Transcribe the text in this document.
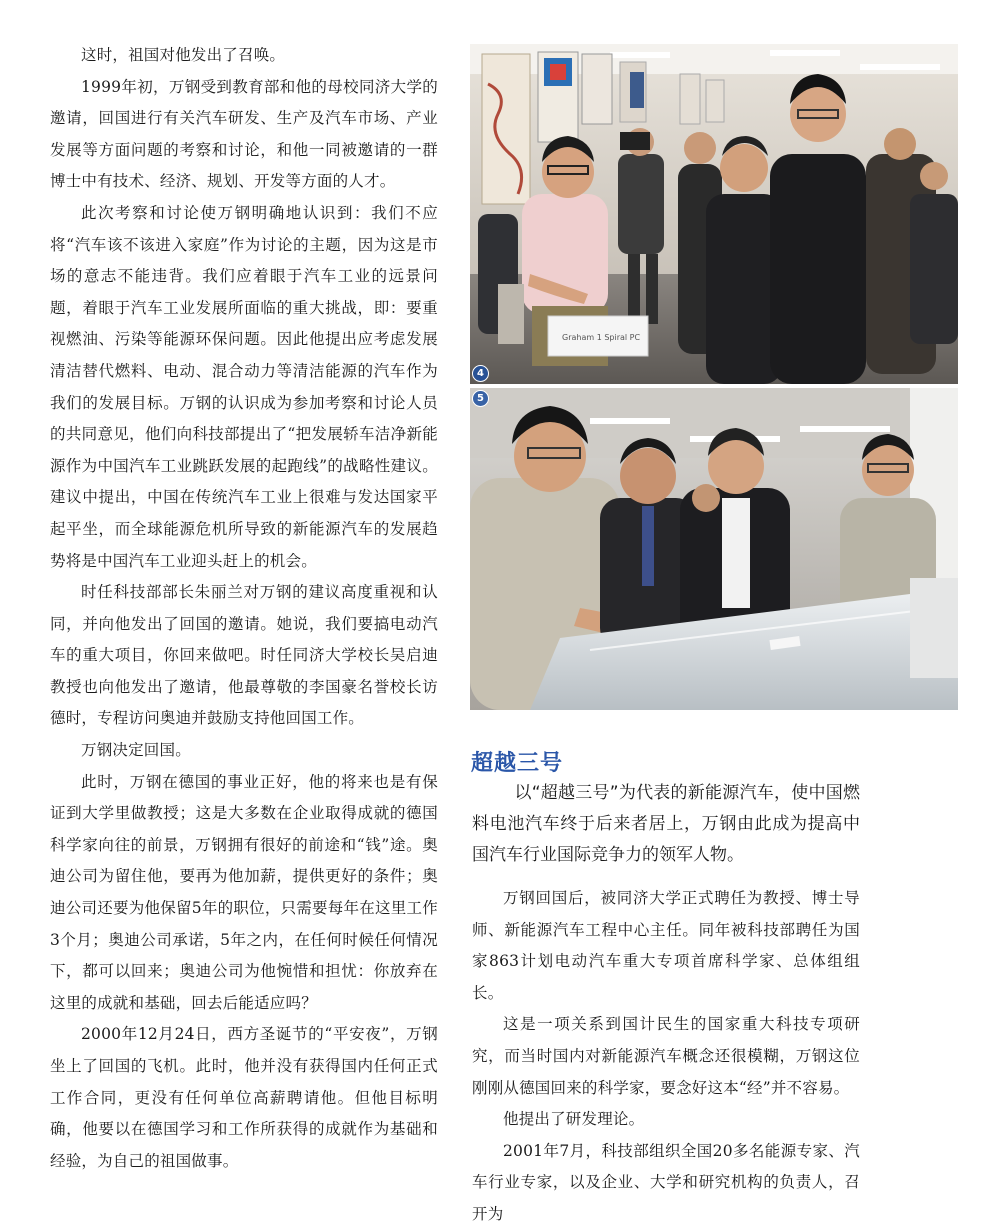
这时，祖国对他发出了召唤。

1999年初，万钢受到教育部和他的母校同济大学的邀请，回国进行有关汽车研发、生产及汽车市场、产业发展等方面问题的考察和讨论，和他一同被邀请的一群博士中有技术、经济、规划、开发等方面的人才。

此次考察和讨论使万钢明确地认识到：我们不应将“汽车该不该进入家庭”作为讨论的主题，因为这是市场的意志不能违背。我们应着眼于汽车工业的远景问题，着眼于汽车工业发展所面临的重大挑战，即：要重视燃油、污染等能源环保问题。因此他提出应考虑发展清洁替代燃料、电动、混合动力等清洁能源的汽车作为我们的发展目标。万钢的认识成为参加考察和讨论人员的共同意见，他们向科技部提出了“把发展轿车洁净新能源作为中国汽车工业跳跃发展的起跑线”的战略性建议。建议中提出，中国在传统汽车工业上很难与发达国家平起平坐，而全球能源危机所导致的新能源汽车的发展趋势将是中国汽车工业迎头赶上的机会。

时任科技部部长朱丽兰对万钢的建议高度重视和认同，并向他发出了回国的邀请。她说，我们要搞电动汽车的重大项目，你回来做吧。时任同济大学校长吴启迪教授也向他发出了邀请，他最尊敬的李国豪名誉校长访德时，专程访问奥迪并鼓励支持他回国工作。

万钢决定回国。

此时，万钢在德国的事业正好，他的将来也是有保证到大学里做教授；这是大多数在企业取得成就的德国科学家向往的前景，万钢拥有很好的前途和“钱”途。奥迪公司为留住他，要再为他加薪，提供更好的条件；奥迪公司还要为他保留5年的职位，只需要每年在这里工作3个月；奥迪公司承诺，5年之内，在任何时候任何情况下，都可以回来；奥迪公司为他惋惜和担忧：你放弃在这里的成就和基础，回去后能适应吗？

2000年12月24日，西方圣诞节的“平安夜”，万钢坐上了回国的飞机。此时，他并没有获得国内任何正式工作合同，更没有任何单位高薪聘请他。但他目标明确，他要以在德国学习和工作所获得的成就作为基础和经验，为自己的祖国做事。

Graham 1 Spiral PC
4
5
超越三号

以“超越三号”为代表的新能源汽车，使中国燃料电池汽车终于后来者居上，万钢由此成为提高中国汽车行业国际竞争力的领军人物。

万钢回国后，被同济大学正式聘任为教授、博士导师、新能源汽车工程中心主任。同年被科技部聘任为国家863计划电动汽车重大专项首席科学家、总体组组长。

这是一项关系到国计民生的国家重大科技专项研究，而当时国内对新能源汽车概念还很模糊，万钢这位刚刚从德国回来的科学家，要念好这本“经”并不容易。

他提出了研发理论。

2001年7月，科技部组织全国20多名能源专家、汽车行业专家，以及企业、大学和研究机构的负责人，召开为
